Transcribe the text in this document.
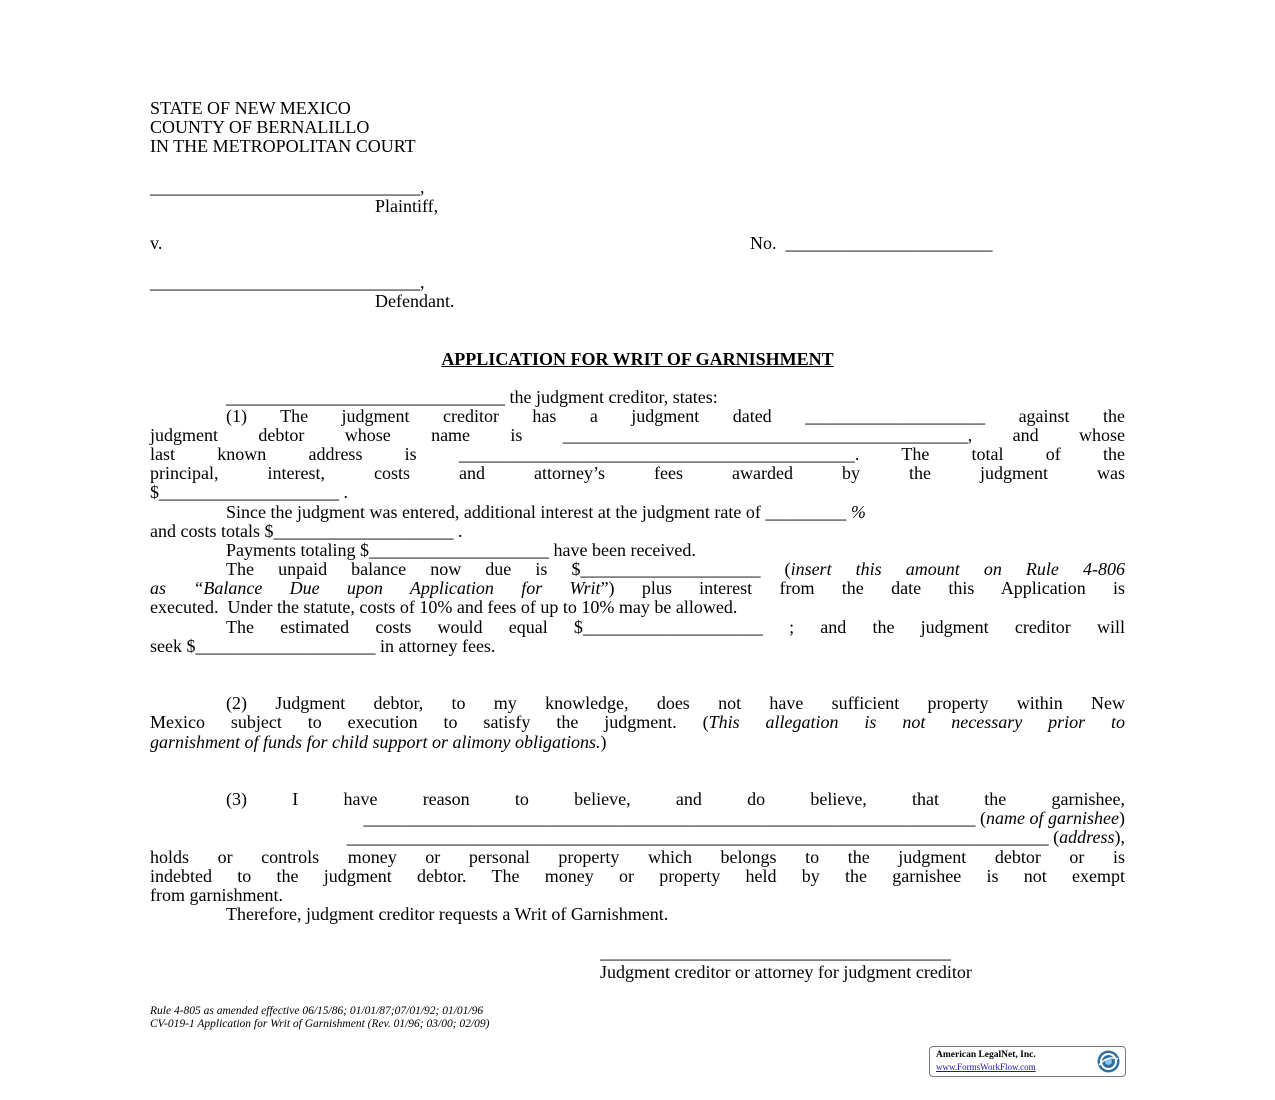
STATE OF NEW MEXICO
COUNTY OF BERNALILLO
IN THE METROPOLITAN COURT
______________________________,
Plaintiff,
v.	No.  _______________________
______________________________,
Defendant.
APPLICATION FOR WRIT OF GARNISHMENT
_______________________________ the judgment creditor, states:
(1) The judgment creditor has a judgment dated ____________________ against the
judgment debtor whose name is _____________________________________________, and whose
last known address is ____________________________________________. The total of the
principal, interest, costs and attorney’s fees awarded by the judgment was
$____________________ .
Since the judgment was entered, additional interest at the judgment rate of _________ %
and costs totals $____________________ .
Payments totaling $____________________ have been received.
The unpaid balance now due is $____________________ (insert this amount on Rule 4-806
as “Balance Due upon Application for Writ”) plus interest from the date this Application is
executed.  Under the statute, costs of 10% and fees of up to 10% may be allowed.
The estimated costs would equal $____________________ ; and the judgment creditor will
seek $____________________ in attorney fees.
(2) Judgment debtor, to my knowledge, does not have sufficient property within New
Mexico subject to execution to satisfy the judgment. (This allegation is not necessary prior to
garnishment of funds for child support or alimony obligations.)
(3) I have reason to believe, and do believe, that the garnishee,
____________________________________________________________________ (name of garnishee)
______________________________________________________________________________ (address),
holds or controls money or personal property which belongs to the judgment debtor or is
indebted to the judgment debtor. The money or property held by the garnishee is not exempt
from garnishment.
Therefore, judgment creditor requests a Writ of Garnishment.
_______________________________________
Judgment creditor or attorney for judgment creditor
Rule 4-805 as amended effective 06/15/86; 01/01/87;07/01/92; 01/01/96
CV-019-1 Application for Writ of Garnishment (Rev. 01/96; 03/00; 02/09)
American LegalNet, Inc.
www.FormsWorkFlow.com
